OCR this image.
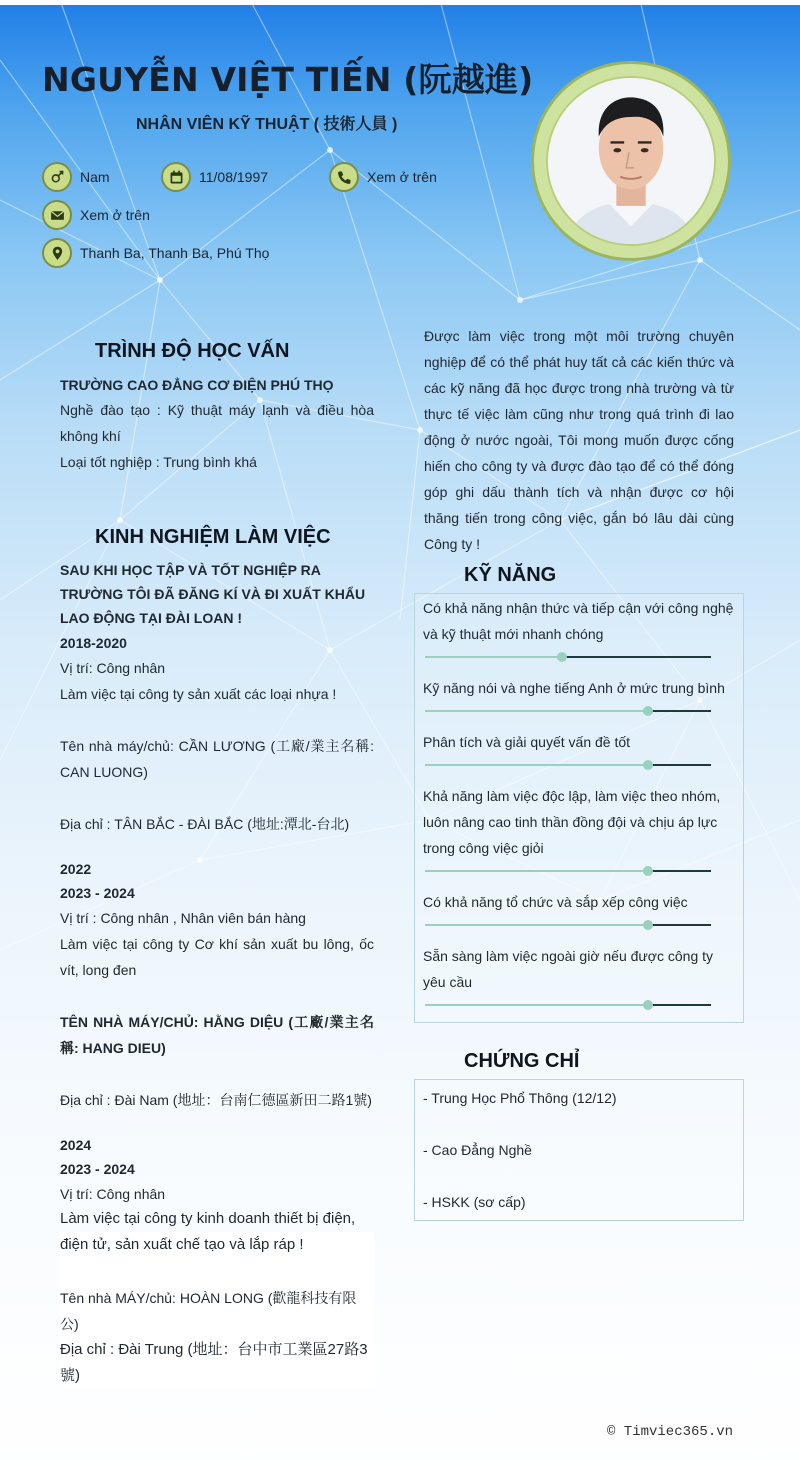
NGUYỄN VIỆT TIẾN (阮越進)
NHÂN VIÊN KỸ THUẬT ( 技術人員 )
Nam	11/08/1997	Xem ở trên
Xem ở trên
Thanh Ba, Thanh Ba, Phú Thọ
Được làm việc trong một môi trường chuyên nghiệp để có thể phát huy tất cả các kiến thức và các kỹ năng đã học được trong nhà trường và từ thực tế việc làm cũng như trong quá trình đi lao động ở nước ngoài, Tôi mong muốn được cống hiến cho công ty và được đào tạo để có thể đóng góp ghi dấu thành tích và nhận được cơ hội thăng tiến trong công việc, gắn bó lâu dài cùng Công ty !
TRÌNH ĐỘ HỌC VẤN
TRƯỜNG CAO ĐẲNG CƠ ĐIỆN PHÚ THỌ
Nghề đào tạo : Kỹ thuật máy lạnh và điều hòa không khí
Loại tốt nghiệp : Trung bình khá
KINH NGHIỆM LÀM VIỆC
SAU KHI HỌC TẬP VÀ TỐT NGHIỆP RA TRƯỜNG TÔI ĐÃ ĐĂNG KÍ VÀ ĐI XUẤT KHẨU LAO ĐỘNG TẠI ĐÀI LOAN !
2018-2020
Vị trí: Công nhân
Làm việc tại công ty sản xuất các loại nhựa !
Tên nhà máy/chủ: CẦN LƯƠNG (工廠/業主名稱: CAN LUONG)
Địa chỉ : TÂN BẮC - ĐÀI BẮC (地址:潭北-台北)
2022
2023 - 2024
Vị trí : Công nhân , Nhân viên bán hàng
Làm việc tại công ty Cơ khí sản xuất bu lông, ốc vít, long đen
TÊN NHÀ MÁY/CHỦ: HẰNG DIỆU (工廠/業主名稱: HANG DIEU)
Địa chỉ : Đài Nam (地址：台南仁德區新田二路1號)
2024
2023 - 2024
Vị trí: Công nhân
Làm việc tại công ty kinh doanh thiết bị điện, điện tử, sản xuất chế tạo và lắp ráp !
Tên nhà MÁY/chủ: HOÀN LONG (歡龍科技有限公)
Địa chỉ : Đài Trung (地址：台中市工業區27路3號)
KỸ NĂNG
Có khả năng nhận thức và tiếp cận với công nghệ và kỹ thuật mới nhanh chóng
Kỹ năng nói và nghe tiếng Anh ở mức trung bình
Phân tích và giải quyết vấn đề tốt
Khả năng làm việc độc lập, làm việc theo nhóm, luôn nâng cao tinh thần đồng đội và chịu áp lực trong công việc giỏi
Có khả năng tổ chức và sắp xếp công việc
Sẵn sàng làm việc ngoài giờ nếu được công ty yêu cầu
CHỨNG CHỈ
- Trung Học Phổ Thông (12/12)
- Cao Đẳng Nghề
- HSKK (sơ cấp)
© Timviec365.vn
